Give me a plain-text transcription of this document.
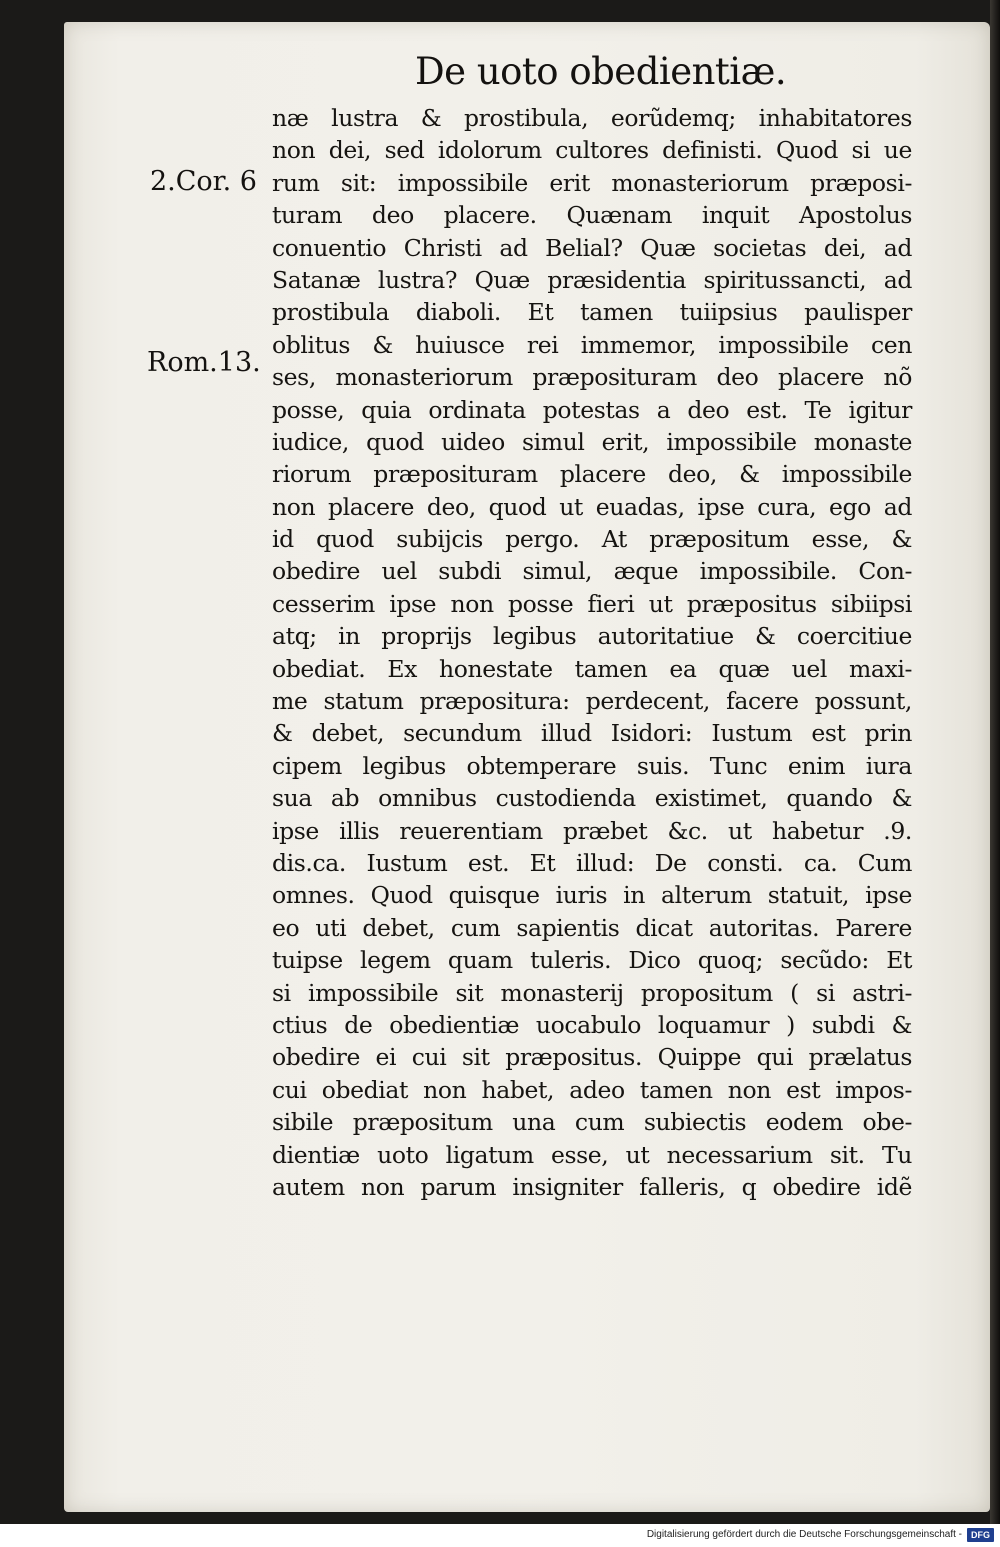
De uoto obedientiæ.
2.Cor. 6
Rom.13.
næ lustra & prostibula, eorũdemq; inhabitatores
non dei, sed idolorum cultores definisti. Quod si ue
rum sit: impossibile erit monasteriorum præposi-
turam deo placere. Quænam inquit Apostolus
conuentio Christi ad Belial? Quæ societas dei, ad
Satanæ lustra? Quæ præsidentia spiritussancti, ad
prostibula diaboli. Et tamen tuiipsius paulisper
oblitus & huiusce rei immemor, impossibile cen
ses, monasteriorum præposituram deo placere nõ
posse, quia ordinata potestas a deo est. Te igitur
iudice, quod uideo simul erit, impossibile monaste
riorum præposituram placere deo, & impossibile
non placere deo, quod ut euadas, ipse cura, ego ad
id quod subijcis pergo. At præpositum esse, &
obedire uel subdi simul, æque impossibile. Con-
cesserim ipse non posse fieri ut præpositus sibiipsi
atq; in proprijs legibus autoritatiue & coercitiue
obediat. Ex honestate tamen ea quæ uel maxi-
me statum præpositura: perdecent, facere possunt,
& debet, secundum illud Isidori: Iustum est prin
cipem legibus obtemperare suis. Tunc enim iura
sua ab omnibus custodienda existimet, quando &
ipse illis reuerentiam præbet &c. ut habetur .9.
dis.ca. Iustum est. Et illud: De consti. ca. Cum
omnes. Quod quisque iuris in alterum statuit, ipse
eo uti debet, cum sapientis dicat autoritas. Parere
tuipse legem quam tuleris. Dico quoq; secũdo: Et
si impossibile sit monasterij propositum ( si astri-
ctius de obedientiæ uocabulo loquamur ) subdi &
obedire ei cui sit præpositus. Quippe qui prælatus
cui obediat non habet, adeo tamen non est impos-
sibile præpositum una cum subiectis eodem obe-
dientiæ uoto ligatum esse, ut necessarium sit. Tu
autem non parum insigniter falleris, q obedire idẽ
Digitalisierung gefördert durch die Deutsche Forschungsgemeinschaft -	DFG
